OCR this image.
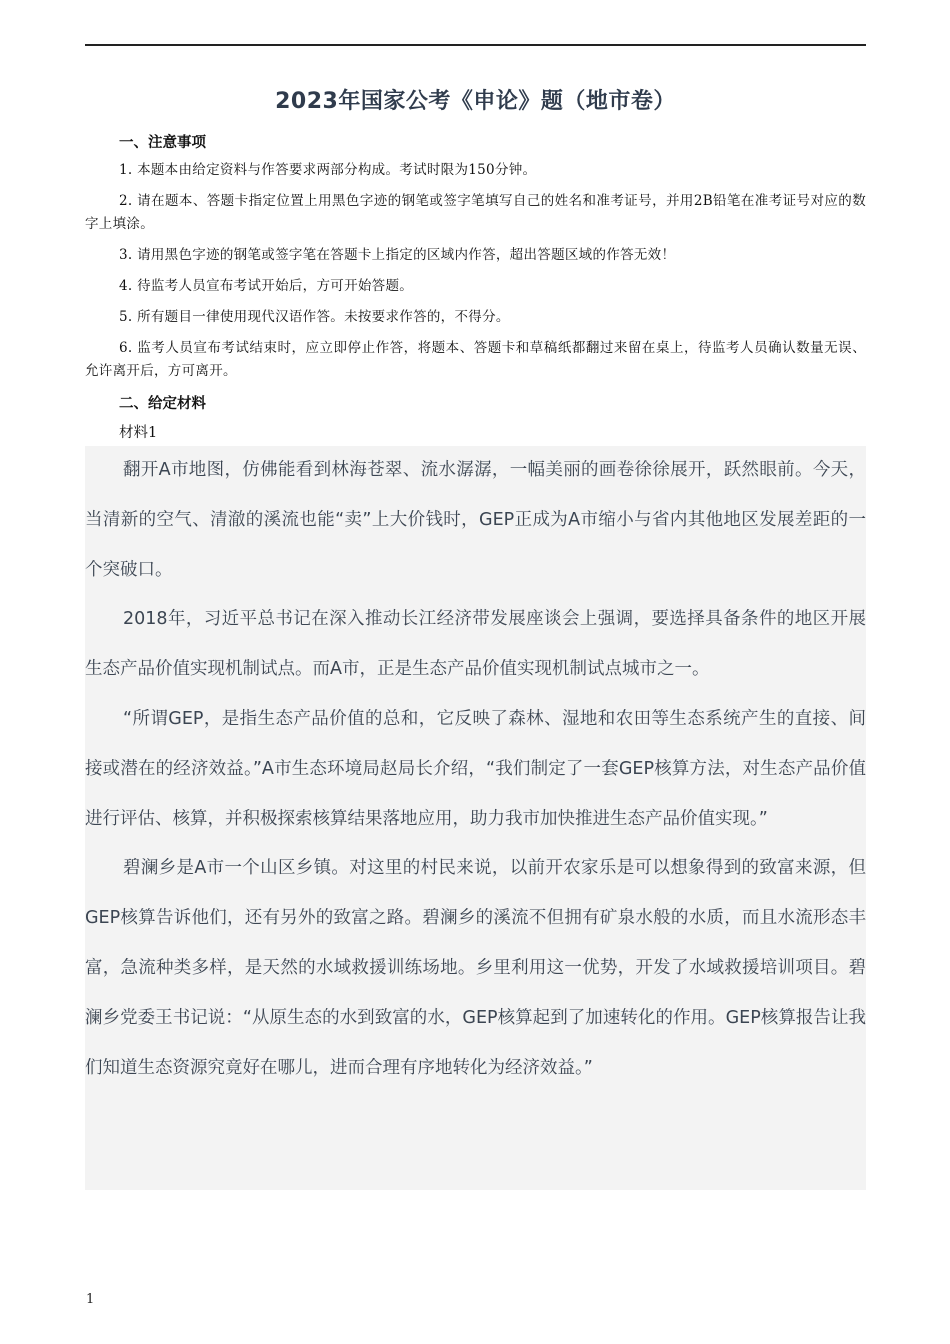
2023年国家公考《申论》题（地市卷）
一、注意事项

1. 本题本由给定资料与作答要求两部分构成。考试时限为150分钟。

2. 请在题本、答题卡指定位置上用黑色字迹的钢笔或签字笔填写自己的姓名和准考证号，并用2B铅笔在准考证号对应的数字上填涂。

3. 请用黑色字迹的钢笔或签字笔在答题卡上指定的区域内作答，超出答题区域的作答无效！

4. 待监考人员宣布考试开始后，方可开始答题。

5. 所有题目一律使用现代汉语作答。未按要求作答的，不得分。

6. 监考人员宣布考试结束时，应立即停止作答，将题本、答题卡和草稿纸都翻过来留在桌上，待监考人员确认数量无误、允许离开后，方可离开。

二、给定材料
材料1

翻开A市地图，仿佛能看到林海苍翠、流水潺潺，一幅美丽的画卷徐徐展开，跃然眼前。今天，当清新的空气、清澈的溪流也能“卖”上大价钱时，GEP正成为A市缩小与省内其他地区发展差距的一个突破口。

2018年，习近平总书记在深入推动长江经济带发展座谈会上强调，要选择具备条件的地区开展生态产品价值实现机制试点。而A市，正是生态产品价值实现机制试点城市之一。

“所谓GEP，是指生态产品价值的总和，它反映了森林、湿地和农田等生态系统产生的直接、间接或潜在的经济效益。”A市生态环境局赵局长介绍，“我们制定了一套GEP核算方法，对生态产品价值进行评估、核算，并积极探索核算结果落地应用，助力我市加快推进生态产品价值实现。”

碧澜乡是A市一个山区乡镇。对这里的村民来说，以前开农家乐是可以想象得到的致富来源，但GEP核算告诉他们，还有另外的致富之路。碧澜乡的溪流不但拥有矿泉水般的水质，而且水流形态丰富，急流种类多样，是天然的水域救援训练场地。乡里利用这一优势，开发了水域救援培训项目。碧澜乡党委王书记说：“从原生态的水到致富的水，GEP核算起到了加速转化的作用。GEP核算报告让我们知道生态资源究竟好在哪儿，进而合理有序地转化为经济效益。”

1
